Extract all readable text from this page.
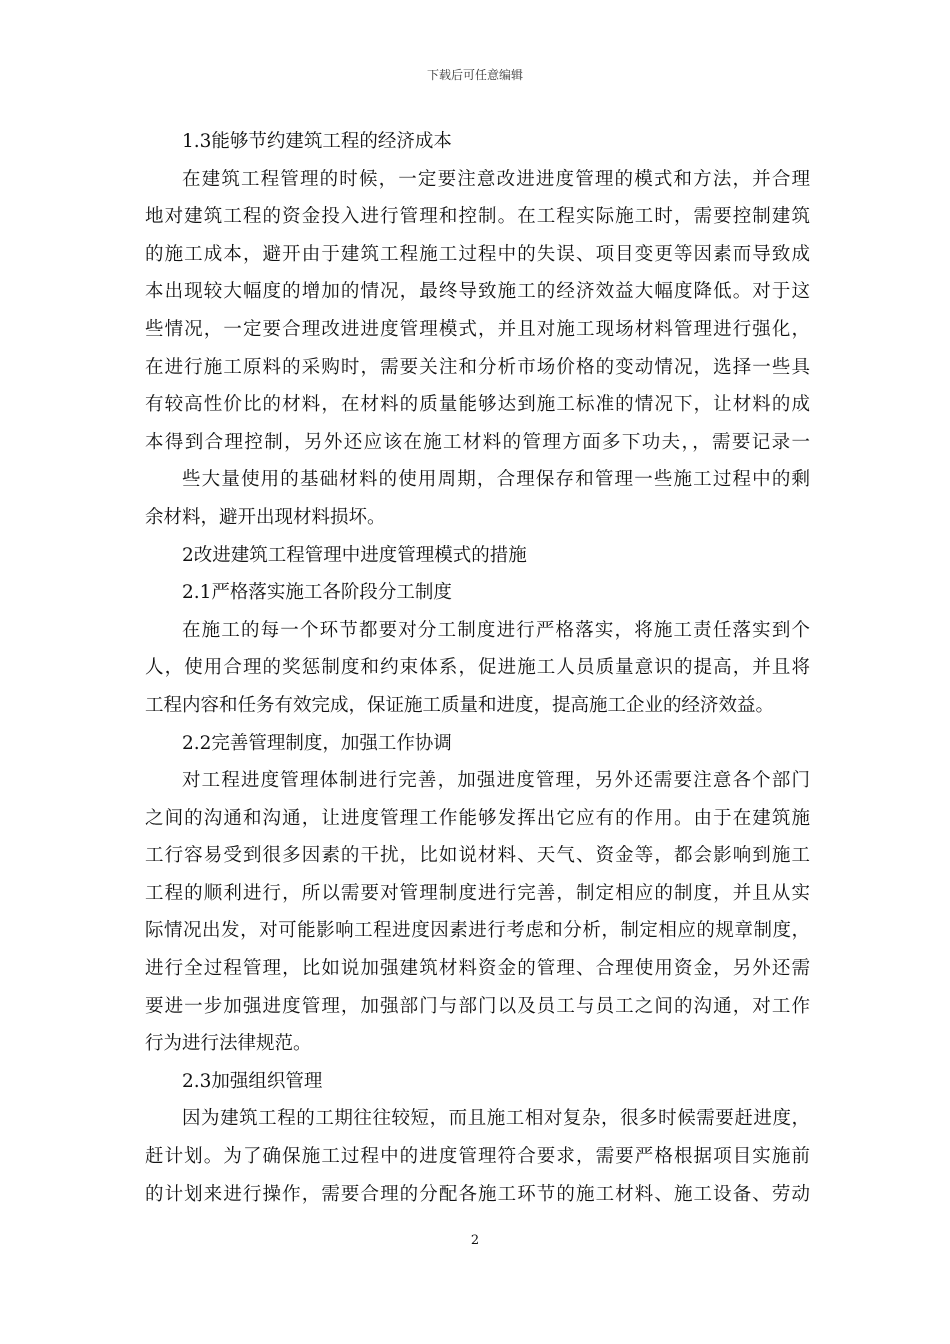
下载后可任意编辑

1.3能够节约建筑工程的经济成本

在建筑工程管理的时候，一定要注意改进进度管理的模式和方法，并合理

地对建筑工程的资金投入进行管理和控制。在工程实际施工时，需要控制建筑

的施工成本，避开由于建筑工程施工过程中的失误、项目变更等因素而导致成

本出现较大幅度的增加的情况，最终导致施工的经济效益大幅度降低。对于这

些情况，一定要合理改进进度管理模式，并且对施工现场材料管理进行强化，

在进行施工原料的采购时，需要关注和分析市场价格的变动情况，选择一些具

有较高性价比的材料，在材料的质量能够达到施工标准的情况下，让材料的成

本得到合理控制，另外还应该在施工材料的管理方面多下功夫，，需要记录一

些大量使用的基础材料的使用周期，合理保存和管理一些施工过程中的剩

余材料，避开出现材料损坏。

2改进建筑工程管理中进度管理模式的措施

2.1严格落实施工各阶段分工制度

在施工的每一个环节都要对分工制度进行严格落实，将施工责任落实到个

人，使用合理的奖惩制度和约束体系，促进施工人员质量意识的提高，并且将

工程内容和任务有效完成，保证施工质量和进度，提高施工企业的经济效益。

2.2完善管理制度，加强工作协调

对工程进度管理体制进行完善，加强进度管理，另外还需要注意各个部门

之间的沟通和沟通，让进度管理工作能够发挥出它应有的作用。由于在建筑施

工行容易受到很多因素的干扰，比如说材料、天气、资金等，都会影响到施工

工程的顺利进行，所以需要对管理制度进行完善，制定相应的制度，并且从实

际情况出发，对可能影响工程进度因素进行考虑和分析，制定相应的规章制度，

进行全过程管理，比如说加强建筑材料资金的管理、合理使用资金，另外还需

要进一步加强进度管理，加强部门与部门以及员工与员工之间的沟通，对工作

行为进行法律规范。

2.3加强组织管理

因为建筑工程的工期往往较短，而且施工相对复杂，很多时候需要赶进度，

赶计划。为了确保施工过程中的进度管理符合要求，需要严格根据项目实施前

的计划来进行操作，需要合理的分配各施工环节的施工材料、施工设备、劳动

2
